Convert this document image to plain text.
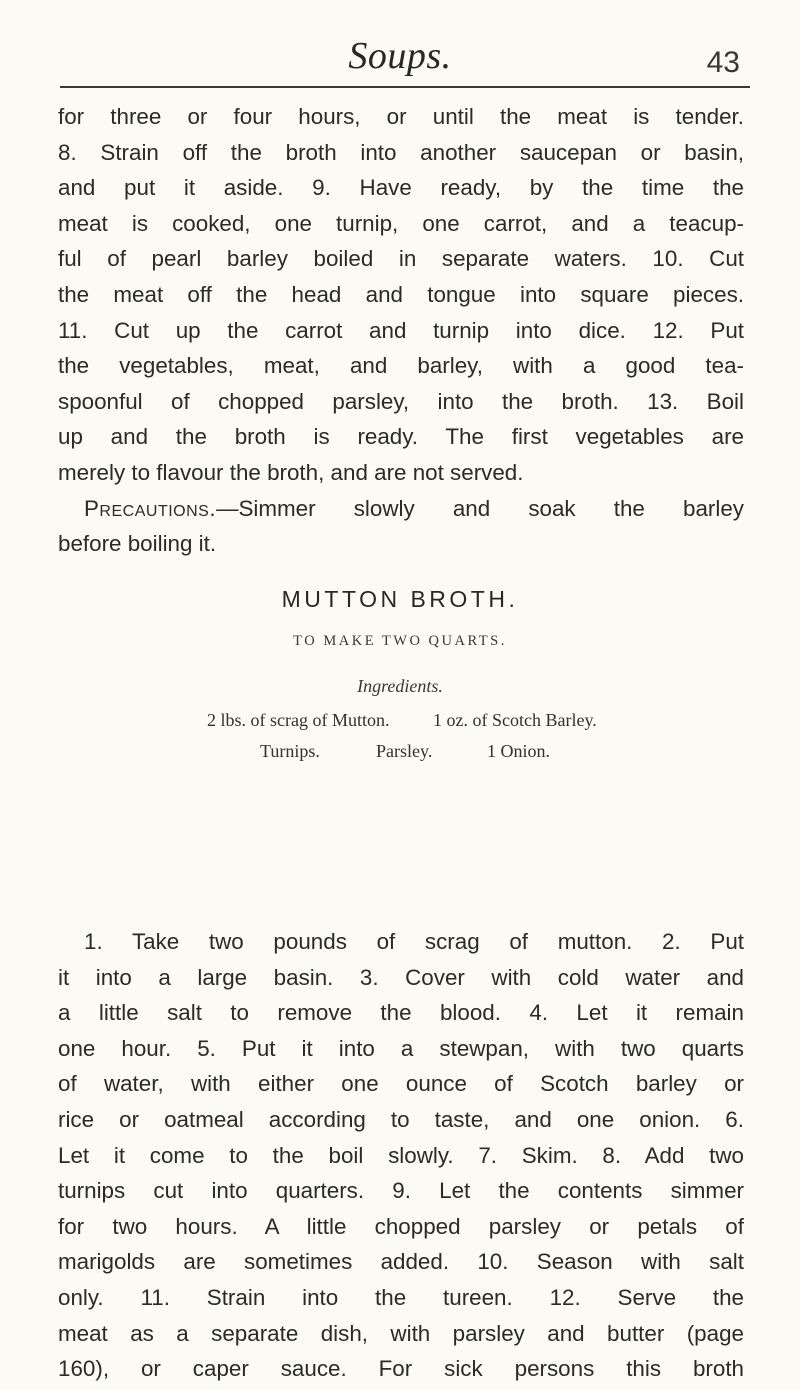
Soups.	43
for three or four hours, or until the meat is tender.
8. Strain off the broth into another saucepan or basin,
and put it aside. 9. Have ready, by the time the
meat is cooked, one turnip, one carrot, and a teacup-
ful of pearl barley boiled in separate waters. 10. Cut
the meat off the head and tongue into square pieces.
11. Cut up the carrot and turnip into dice. 12. Put
the vegetables, meat, and barley, with a good tea-
spoonful of chopped parsley, into the broth. 13. Boil
up and the broth is ready. The first vegetables are
merely to flavour the broth, and are not served.
Precautions.—Simmer slowly and soak the barley
before boiling it.
MUTTON BROTH.
TO MAKE TWO QUARTS.
Ingredients.
2 lbs. of scrag of Mutton. 1 oz. of Scotch Barley.
Turnips.	Parsley.	1 Onion.
1. Take two pounds of scrag of mutton. 2. Put
it into a large basin. 3. Cover with cold water and
a little salt to remove the blood. 4. Let it remain
one hour. 5. Put it into a stewpan, with two quarts
of water, with either one ounce of Scotch barley or
rice or oatmeal according to taste, and one onion. 6.
Let it come to the boil slowly. 7. Skim. 8. Add two
turnips cut into quarters. 9. Let the contents simmer
for two hours. A little chopped parsley or petals of
marigolds are sometimes added. 10. Season with salt
only. 11. Strain into the tureen. 12. Serve the
meat as a separate dish, with parsley and butter (page
160), or caper sauce. For sick persons this broth
